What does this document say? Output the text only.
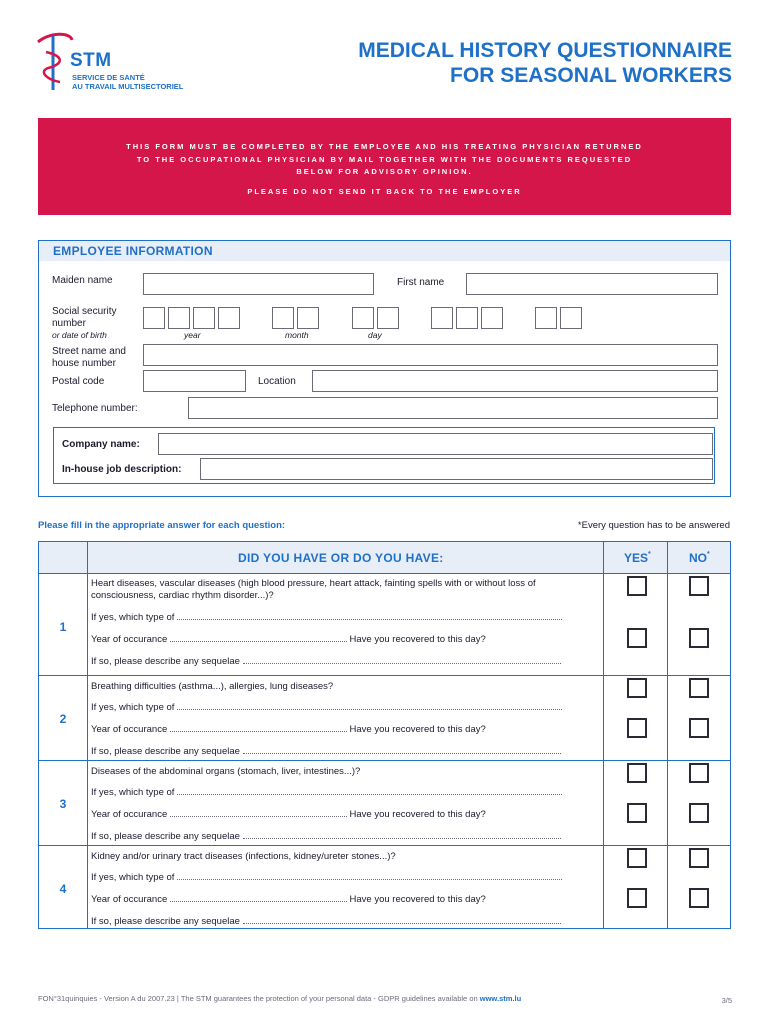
STM
SERVICE DE SANTÉ
AU TRAVAIL MULTISECTORIEL
MEDICAL HISTORY QUESTIONNAIRE
FOR SEASONAL WORKERS
THIS FORM MUST BE COMPLETED BY THE EMPLOYEE AND HIS TREATING PHYSICIAN RETURNED
TO THE OCCUPATIONAL PHYSICIAN BY MAIL TOGETHER WITH THE DOCUMENTS REQUESTED
BELOW FOR ADVISORY OPINION.
PLEASE DO NOT SEND IT BACK TO THE EMPLOYER
EMPLOYEE INFORMATION
Maiden name	First name
Social security
number
or date of birth	year	month	day
Street name and
house number
Postal code	Location
Telephone number:
Company name:
In-house job description:
Please fill in the appropriate answer for each question:	*Every question has to be answered
DID YOU HAVE OR DO YOU HAVE:	YES*	NO*
1
Heart diseases, vascular diseases (high blood pressure, heart attack, fainting spells with or without loss of consciousness, cardiac rhythm disorder...)?
If yes, which type of
Year of occurance	Have you recovered to this day?
If so, please describe any sequelae
2
Breathing difficulties (asthma...), allergies, lung diseases?
If yes, which type of
Year of occurance	Have you recovered to this day?
If so, please describe any sequelae
3
Diseases of the abdominal organs (stomach, liver, intestines...)?
If yes, which type of
Year of occurance	Have you recovered to this day?
If so, please describe any sequelae
4
Kidney and/or urinary tract diseases (infections, kidney/ureter stones...)?
If yes, which type of
Year of occurance	Have you recovered to this day?
If so, please describe any sequelae
FON°31quinquies - Version A du 2007.23 | The STM guarantees the protection of your personal data - GDPR guidelines available on www.stm.lu	3/5
